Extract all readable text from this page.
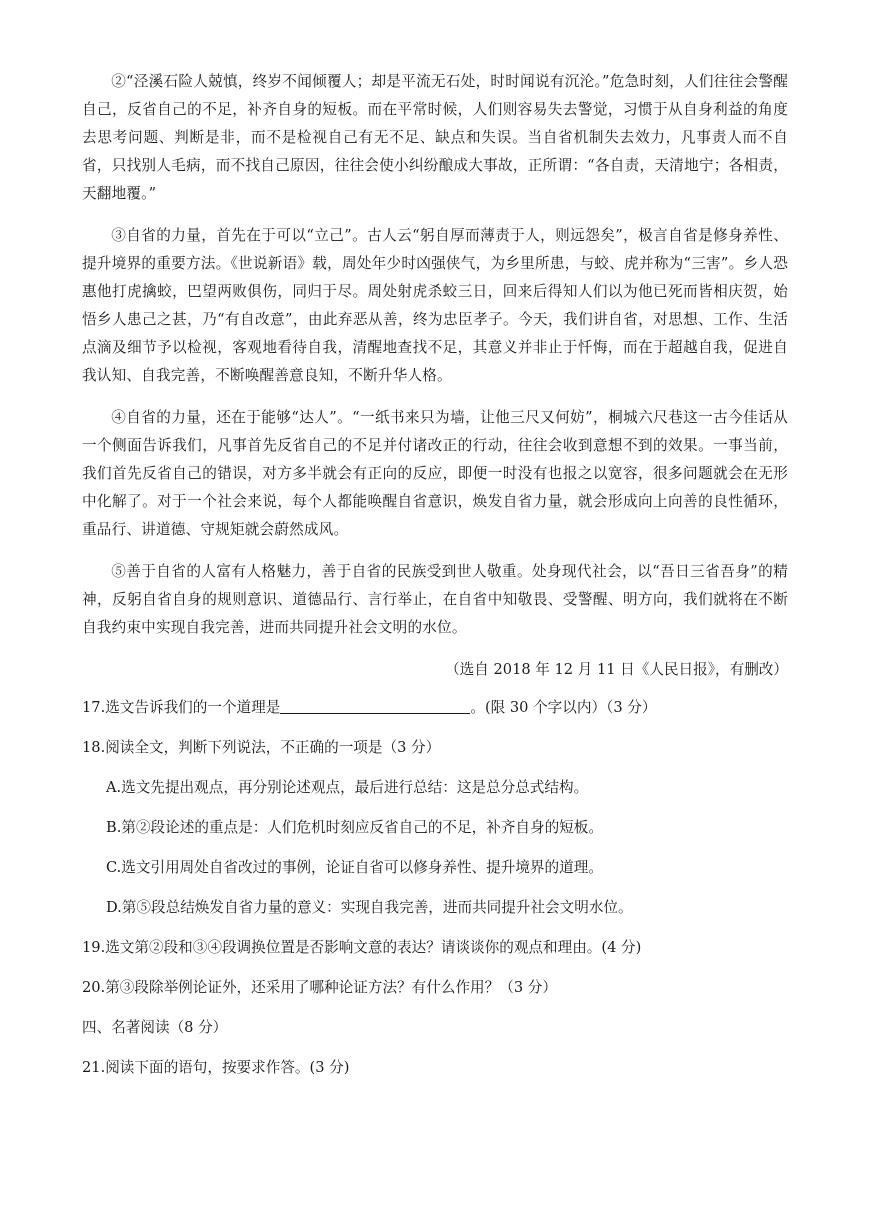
②“泾溪石险人兢慎，终岁不闻倾覆人；却是平流无石处，时时闻说有沉沦。”危急时刻，人们往往会警醒自己，反省自己的不足，补齐自身的短板。而在平常时候，人们则容易失去警觉，习惯于从自身利益的角度去思考问题、判断是非，而不是检视自己有无不足、缺点和失误。当自省机制失去效力，凡事责人而不自省，只找别人毛病，而不找自己原因，往往会使小纠纷酿成大事故，正所谓：“各自责，天清地宁；各相责，天翻地覆。”

③自省的力量，首先在于可以“立己”。古人云“躬自厚而薄责于人，则远怨矣”，极言自省是修身养性、提升境界的重要方法。《世说新语》载，周处年少时凶强侠气，为乡里所患，与蛟、虎并称为“三害”。乡人恐惠他打虎擒蛟，巴望两败俱伤，同归于尽。周处射虎杀蛟三日，回来后得知人们以为他已死而皆相庆贺，始悟乡人患己之甚，乃“有自改意”，由此弃恶从善，终为忠臣孝子。今天，我们讲自省，对思想、工作、生活点滴及细节予以检视，客观地看待自我，清醒地查找不足，其意义并非止于忏悔，而在于超越自我，促进自我认知、自我完善，不断唤醒善意良知，不断升华人格。

④自省的力量，还在于能够“达人”。“一纸书来只为墙，让他三尺又何妨”，桐城六尺巷这一古今佳话从一个侧面告诉我们，凡事首先反省自己的不足并付诸改正的行动，往往会收到意想不到的效果。一事当前，我们首先反省自己的错误，对方多半就会有正向的反应，即便一时没有也报之以宽容，很多问题就会在无形中化解了。对于一个社会来说，每个人都能唤醒自省意识，焕发自省力量，就会形成向上向善的良性循环，重品行、讲道德、守规矩就会蔚然成风。

⑤善于自省的人富有人格魅力，善于自省的民族受到世人敬重。处身现代社会，以“吾日三省吾身”的精神，反躬自省自身的规则意识、道德品行、言行举止，在自省中知敬畏、受警醒、明方向，我们就将在不断自我约束中实现自我完善，进而共同提升社会文明的水位。

（选自 2018 年 12 月 11 日《人民日报》，有删改）
17.选文告诉我们的一个道理是	。(限 30 个字以内）（3 分）
18.阅读全文，判断下列说法，不正确的一项是（3 分）
A.选文先提出观点，再分别论述观点，最后进行总结：这是总分总式结构。
B.第②段论述的重点是：人们危机时刻应反省自己的不足，补齐自身的短板。
C.选文引用周处自省改过的事例，论证自省可以修身养性、提升境界的道理。
D.第⑤段总结焕发自省力量的意义：实现自我完善，进而共同提升社会文明水位。
19.选文第②段和③④段调换位置是否影响文意的表达？请谈谈你的观点和理由。(4 分)
20.第③段除举例论证外，还采用了哪种论证方法？有什么作用？（3 分）
四、名著阅读（8 分）
21.阅读下面的语句，按要求作答。(3 分)
